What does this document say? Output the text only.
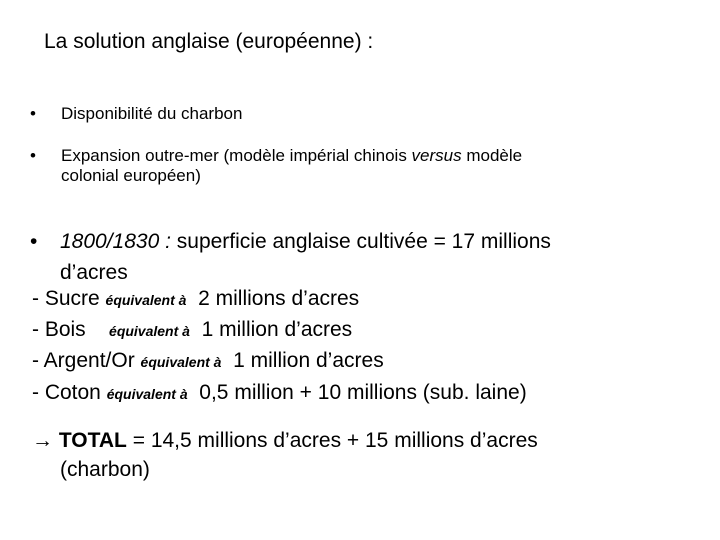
La solution anglaise (européenne) :
• Disponibilité du charbon
• Expansion outre-mer (modèle impérial chinois versus modèle
colonial européen)
• 1800/1830 : superficie anglaise cultivée = 17 millions
d’acres
- Sucre équivalent à  2 millions d’acres
- Bois    équivalent à  1 million d’acres
- Argent/Or équivalent à  1 million d’acres
- Coton équivalent à  0,5 million + 10 millions (sub. laine)
→ TOTAL = 14,5 millions d’acres + 15 millions d’acres
(charbon)
